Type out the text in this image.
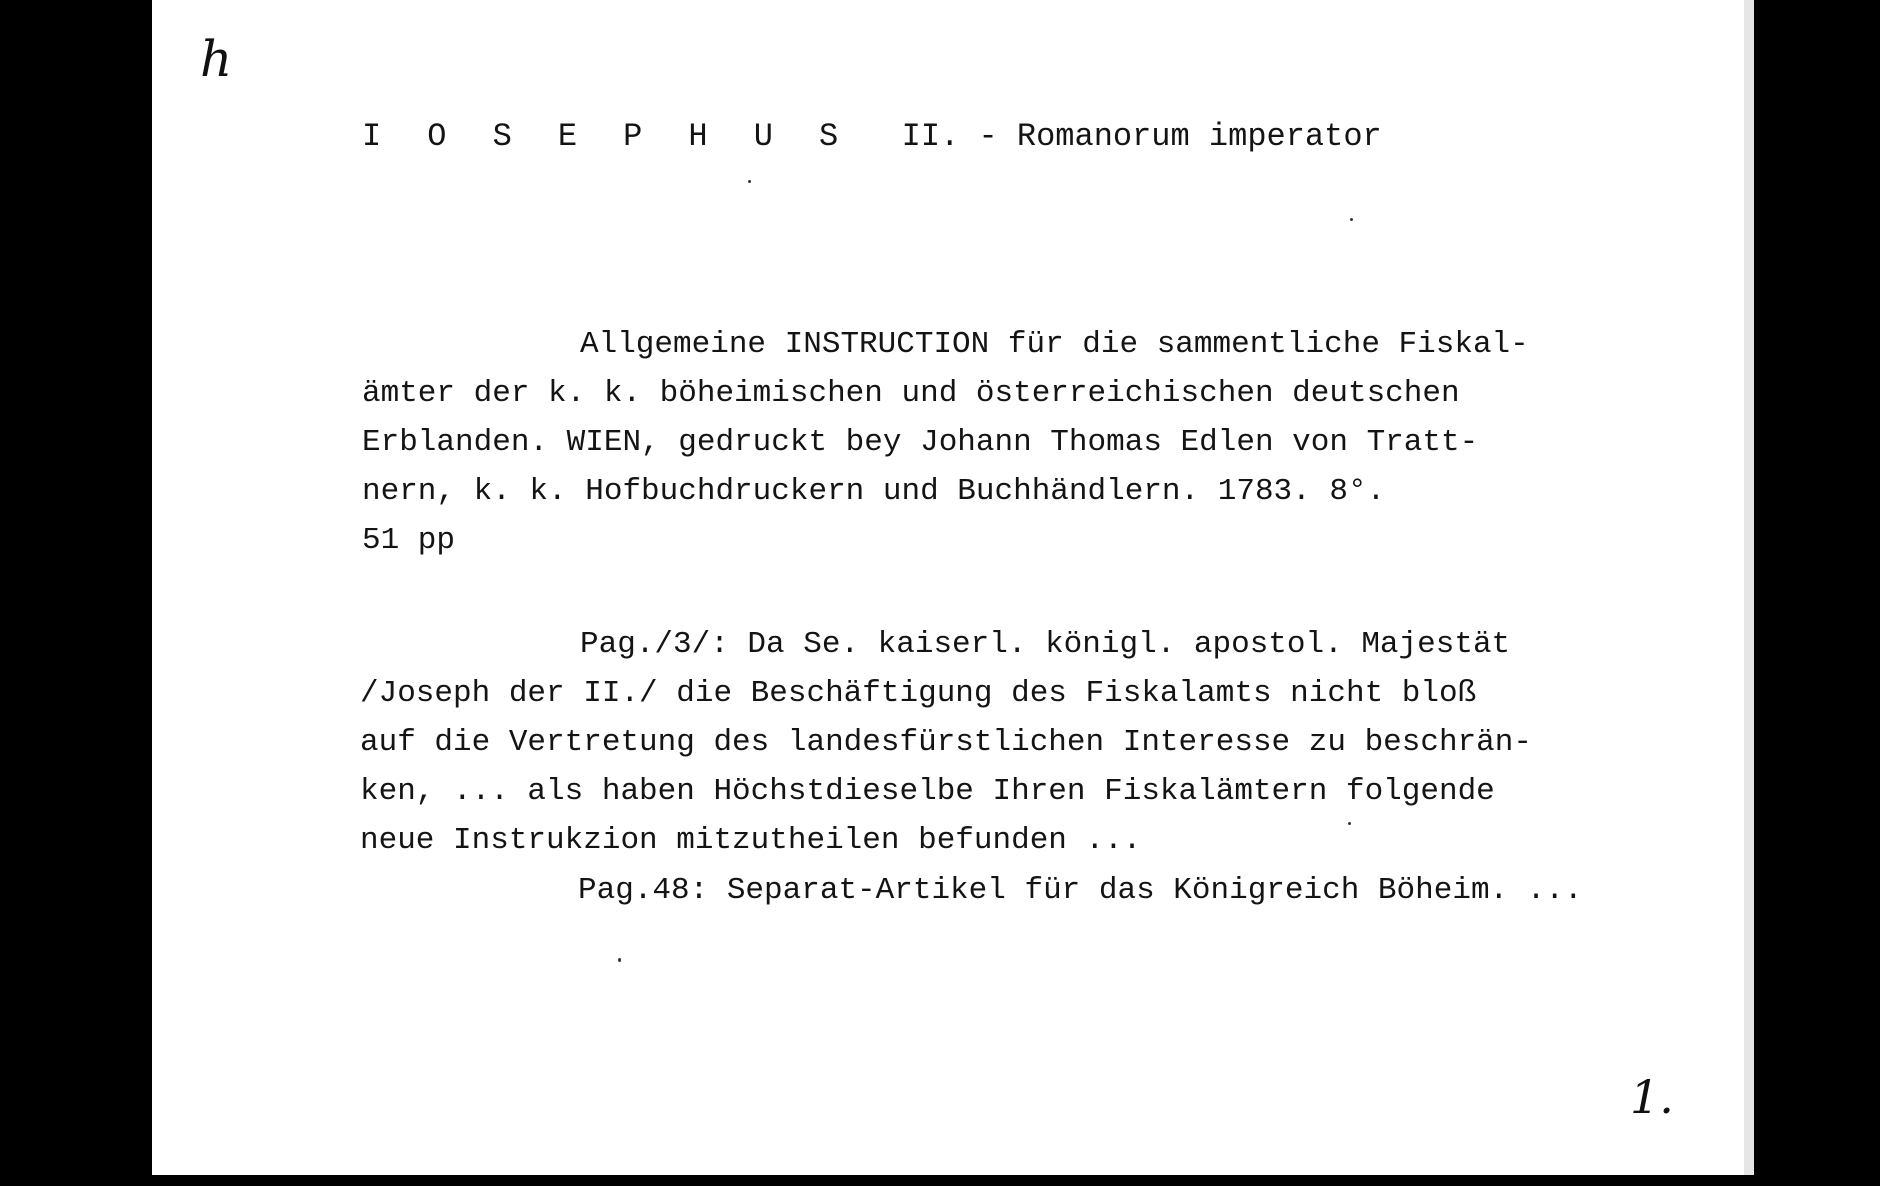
h
I O S E P H U S II. - Romanorum imperator
Allgemeine INSTRUCTION für die sammentliche Fiskal-
ämter der k. k. böheimischen und österreichischen deutschen
Erblanden. WIEN, gedruckt bey Johann Thomas Edlen von Tratt-
nern, k. k. Hofbuchdruckern und Buchhändlern. 1783. 8°.
51 pp
Pag./3/: Da Se. kaiserl. königl. apostol. Majestät
/Joseph der II./ die Beschäftigung des Fiskalamts nicht bloß
auf die Vertretung des landesfürstlichen Interesse zu beschrän-
ken, ... als haben Höchstdieselbe Ihren Fiskalämtern folgende
neue Instrukzion mitzutheilen befunden ...
Pag.48: Separat-Artikel für das Königreich Böheim. ...
1.
